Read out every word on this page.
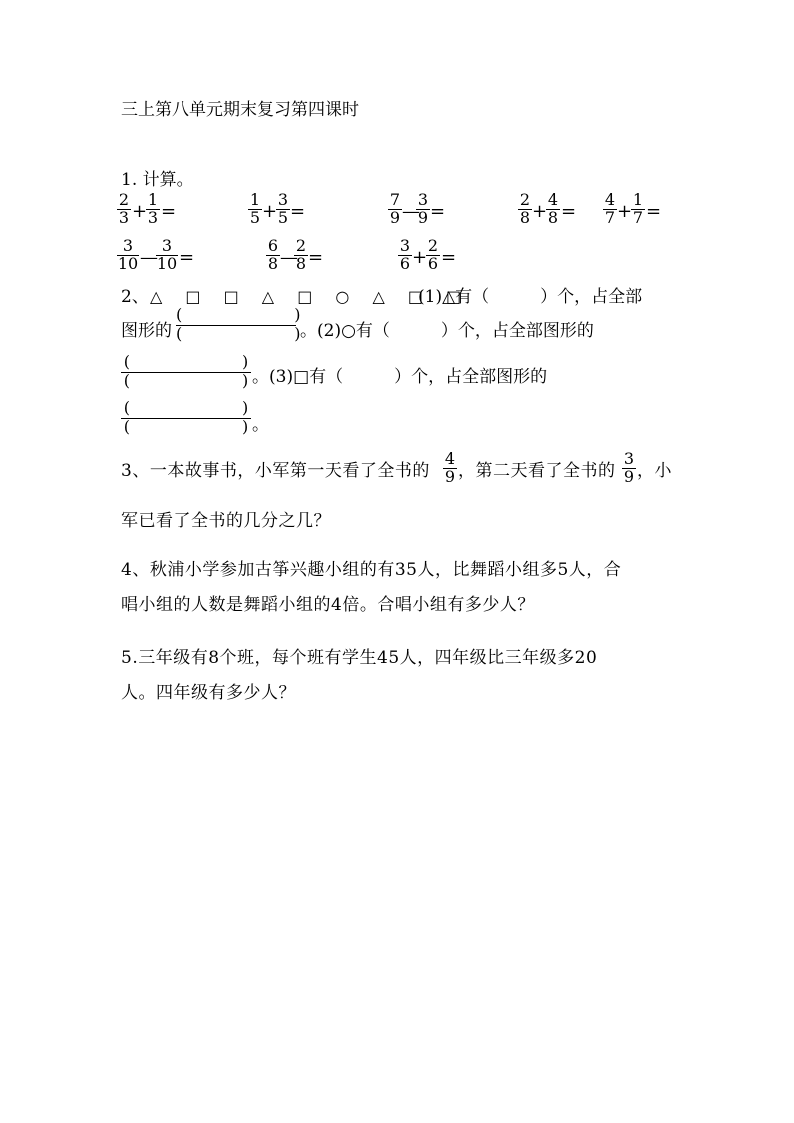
三上第八单元期末复习第四课时
1. 计算。
2
3 +
1
3 =
1
5 +
3
5 =
7
9 —
3
9 =
2
8 +
4
8 =
4
7 +
1
7 =
3
10 —
3
10 =
6
8 —
2
8 =
3
6 +
2
6 =
2、 △ □ □ △ □ ○ △ □ □
(1)△有（　　　）个，占全部
图形的
(　　　　　　　)
(　　　　　　　) 。(2)○有（　　　）个，占全部图形的
(　　　　　　　)
(　　　　　　　) 。(3)□有（　　　）个，占全部图形的
(　　　　　　　)
(　　　　　　　) 。
3、一本故事书，小军第一天看了全书的
4
9 ，第二天看了全书的
3
9 ，小
军已看了全书的几分之几？
4、秋浦小学参加古筝兴趣小组的有35人，比舞蹈小组多5人，合
唱小组的人数是舞蹈小组的4倍。合唱小组有多少人？
5.三年级有8个班，每个班有学生45人，四年级比三年级多20
人。四年级有多少人？
